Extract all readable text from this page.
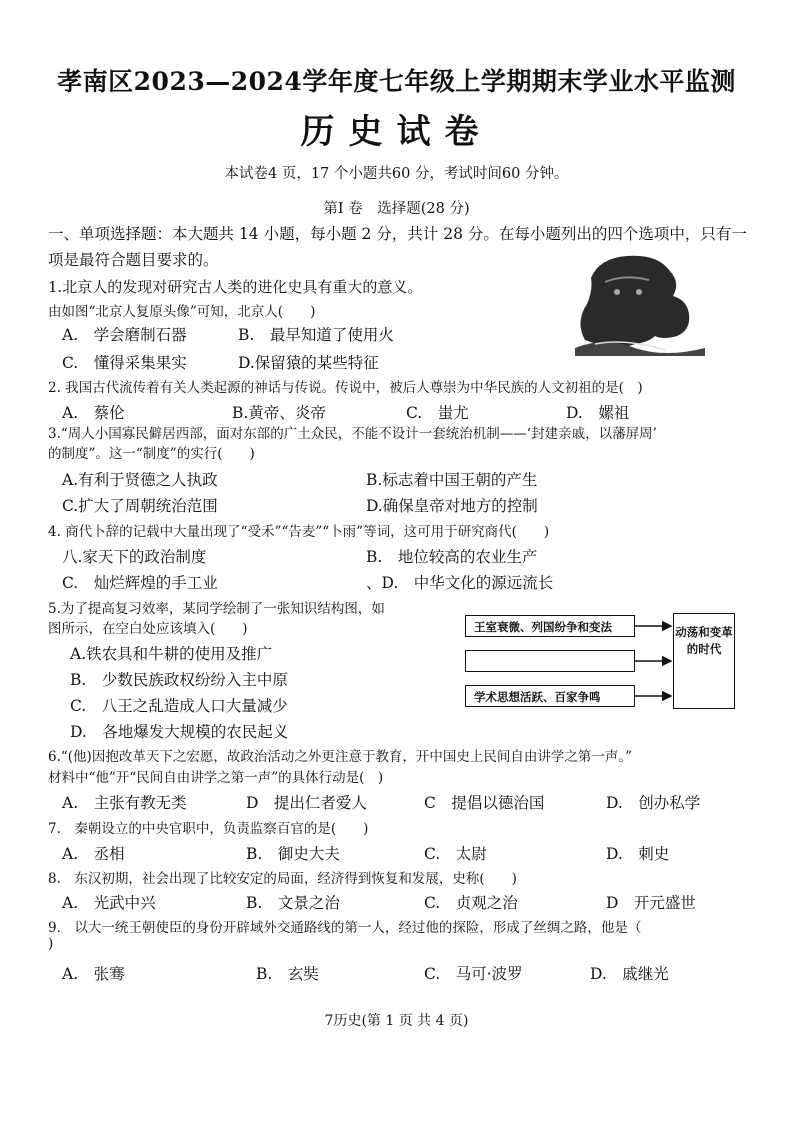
孝南区2023—2024学年度七年级上学期期末学业水平监测
历史试卷
本试卷4 页，17 个小题共60 分，考试时间60 分钟。
第Ⅰ 卷　选择题(28 分)
一、单项选择题：本大题共 14 小题，每小题 2 分，共计 28 分。在每小题列出的四个选项中，只有一项是最符合题目要求的。
1.北京人的发现对研究古人类的进化史具有重大的意义。
由如图“北京人复原头像”可知，北京人(　　)
A.　学会磨制石器	B.　最早知道了使用火
C.　懂得采集果实	D.保留猿的某些特征
2. 我国古代流传着有关人类起源的神话与传说。传说中，被后人尊崇为中华民族的人文初祖的是(　)
A.　蔡伦	B.黄帝、炎帝	C.　蚩尤	D.　嫘祖
3.“周人小国寡民僻居西部，面对东部的广土众民，不能不设计一套统治机制——‘封建亲戚，以藩屏周’
的制度”。这一“制度”的实行(　　)
A.有利于贤德之人执政	B.标志着中国王朝的产生
C.扩大了周朝统治范围	D.确保皇帝对地方的控制
4. 商代卜辞的记载中大量出现了“受禾”“告麦”“卜雨”等词，这可用于研究商代(　　)
八.家天下的政治制度	B.　地位较高的农业生产
C.　灿烂辉煌的手工业	、D.　中华文化的源远流长
5.为了提高复习效率，某同学绘制了一张知识结构图，如
图所示，在空白处应该填入(　　)
A.铁农具和牛耕的使用及推广
B.　少数民族政权纷纷入主中原
C.　八王之乱造成人口大量减少
D.　各地爆发大规模的农民起义
王室衰微、列国纷争和变法
学术思想活跃、百家争鸣
动荡和变革的时代
6.“(他)因抱改革天下之宏愿，故政治活动之外更注意于教育，开中国史上民间自由讲学之第一声。”
材料中“他”开“民间自由讲学之第一声”的具体行动是(　)
A.　主张有教无类	D　提出仁者爱人	C　提倡以德治国	D.　创办私学
7.　秦朝设立的中央官职中，负责监察百官的是(　　)
A.　丞相	B.　御史大夫	C.　太尉	D.　刺史
8.　东汉初期，社会出现了比较安定的局面，经济得到恢复和发展，史称(　　)
A.　光武中兴	B.　文景之治	C.　贞观之治	D　开元盛世
9.　以大一统王朝使臣的身份开辟域外交通路线的第一人，经过他的探险，形成了丝绸之路，他是（
)
A.　张骞	B.　玄奘	C.　马可·波罗	D.　戚继光
7历史(第 1 页 共 4 页)
